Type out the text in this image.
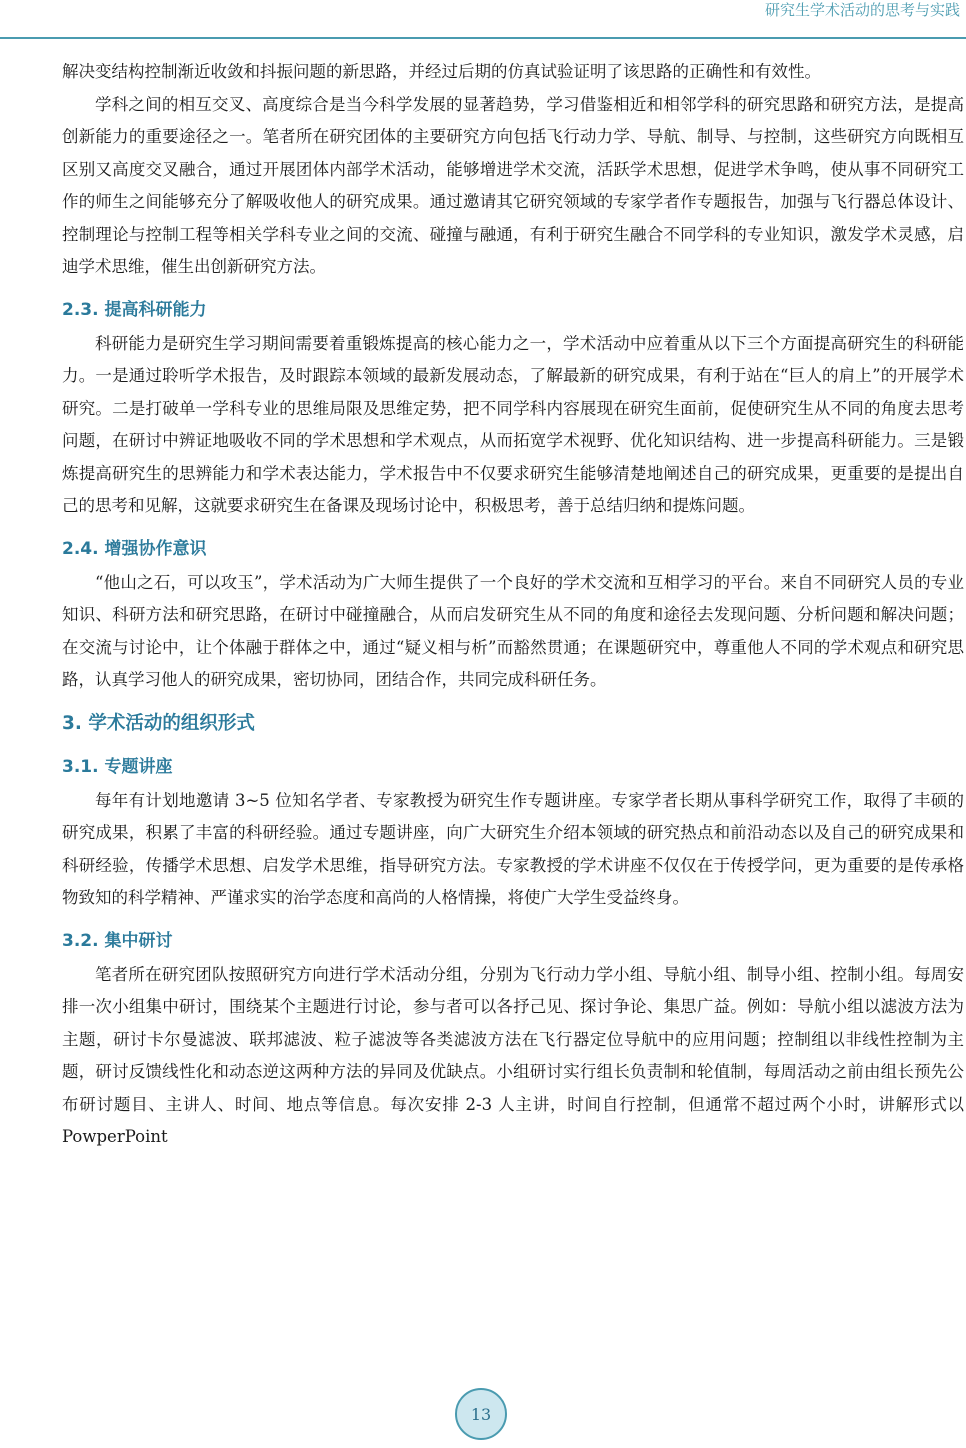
研究生学术活动的思考与实践

解决变结构控制渐近收敛和抖振问题的新思路，并经过后期的仿真试验证明了该思路的正确性和有效性。

学科之间的相互交叉、高度综合是当今科学发展的显著趋势，学习借鉴相近和相邻学科的研究思路和研究方法，是提高创新能力的重要途径之一。笔者所在研究团体的主要研究方向包括飞行动力学、导航、制导、与控制，这些研究方向既相互区别又高度交叉融合，通过开展团体内部学术活动，能够增进学术交流，活跃学术思想，促进学术争鸣，使从事不同研究工作的师生之间能够充分了解吸收他人的研究成果。通过邀请其它研究领域的专家学者作专题报告，加强与飞行器总体设计、控制理论与控制工程等相关学科专业之间的交流、碰撞与融通，有利于研究生融合不同学科的专业知识，激发学术灵感，启迪学术思维，催生出创新研究方法。

2.3. 提高科研能力

科研能力是研究生学习期间需要着重锻炼提高的核心能力之一，学术活动中应着重从以下三个方面提高研究生的科研能力。一是通过聆听学术报告，及时跟踪本领域的最新发展动态，了解最新的研究成果，有利于站在“巨人的肩上”的开展学术研究。二是打破单一学科专业的思维局限及思维定势，把不同学科内容展现在研究生面前，促使研究生从不同的角度去思考问题，在研讨中辨证地吸收不同的学术思想和学术观点，从而拓宽学术视野、优化知识结构、进一步提高科研能力。三是锻炼提高研究生的思辨能力和学术表达能力，学术报告中不仅要求研究生能够清楚地阐述自己的研究成果，更重要的是提出自己的思考和见解，这就要求研究生在备课及现场讨论中，积极思考，善于总结归纳和提炼问题。

2.4. 增强协作意识

“他山之石，可以攻玉”，学术活动为广大师生提供了一个良好的学术交流和互相学习的平台。来自不同研究人员的专业知识、科研方法和研究思路，在研讨中碰撞融合，从而启发研究生从不同的角度和途径去发现问题、分析问题和解决问题；在交流与讨论中，让个体融于群体之中，通过“疑义相与析”而豁然贯通；在课题研究中，尊重他人不同的学术观点和研究思路，认真学习他人的研究成果，密切协同，团结合作，共同完成科研任务。

3. 学术活动的组织形式
3.1. 专题讲座

每年有计划地邀请 3~5 位知名学者、专家教授为研究生作专题讲座。专家学者长期从事科学研究工作，取得了丰硕的研究成果，积累了丰富的科研经验。通过专题讲座，向广大研究生介绍本领域的研究热点和前沿动态以及自己的研究成果和科研经验，传播学术思想、启发学术思维，指导研究方法。专家教授的学术讲座不仅仅在于传授学问，更为重要的是传承格物致知的科学精神、严谨求实的治学态度和高尚的人格情操，将使广大学生受益终身。

3.2. 集中研讨

笔者所在研究团队按照研究方向进行学术活动分组，分别为飞行动力学小组、导航小组、制导小组、控制小组。每周安排一次小组集中研讨，围绕某个主题进行讨论，参与者可以各抒己见、探讨争论、集思广益。例如：导航小组以滤波方法为主题，研讨卡尔曼滤波、联邦滤波、粒子滤波等各类滤波方法在飞行器定位导航中的应用问题；控制组以非线性控制为主题，研讨反馈线性化和动态逆这两种方法的异同及优缺点。小组研讨实行组长负责制和轮值制，每周活动之前由组长预先公布研讨题目、主讲人、时间、地点等信息。每次安排 2-3 人主讲，时间自行控制，但通常不超过两个小时，讲解形式以 PowperPoint

13
